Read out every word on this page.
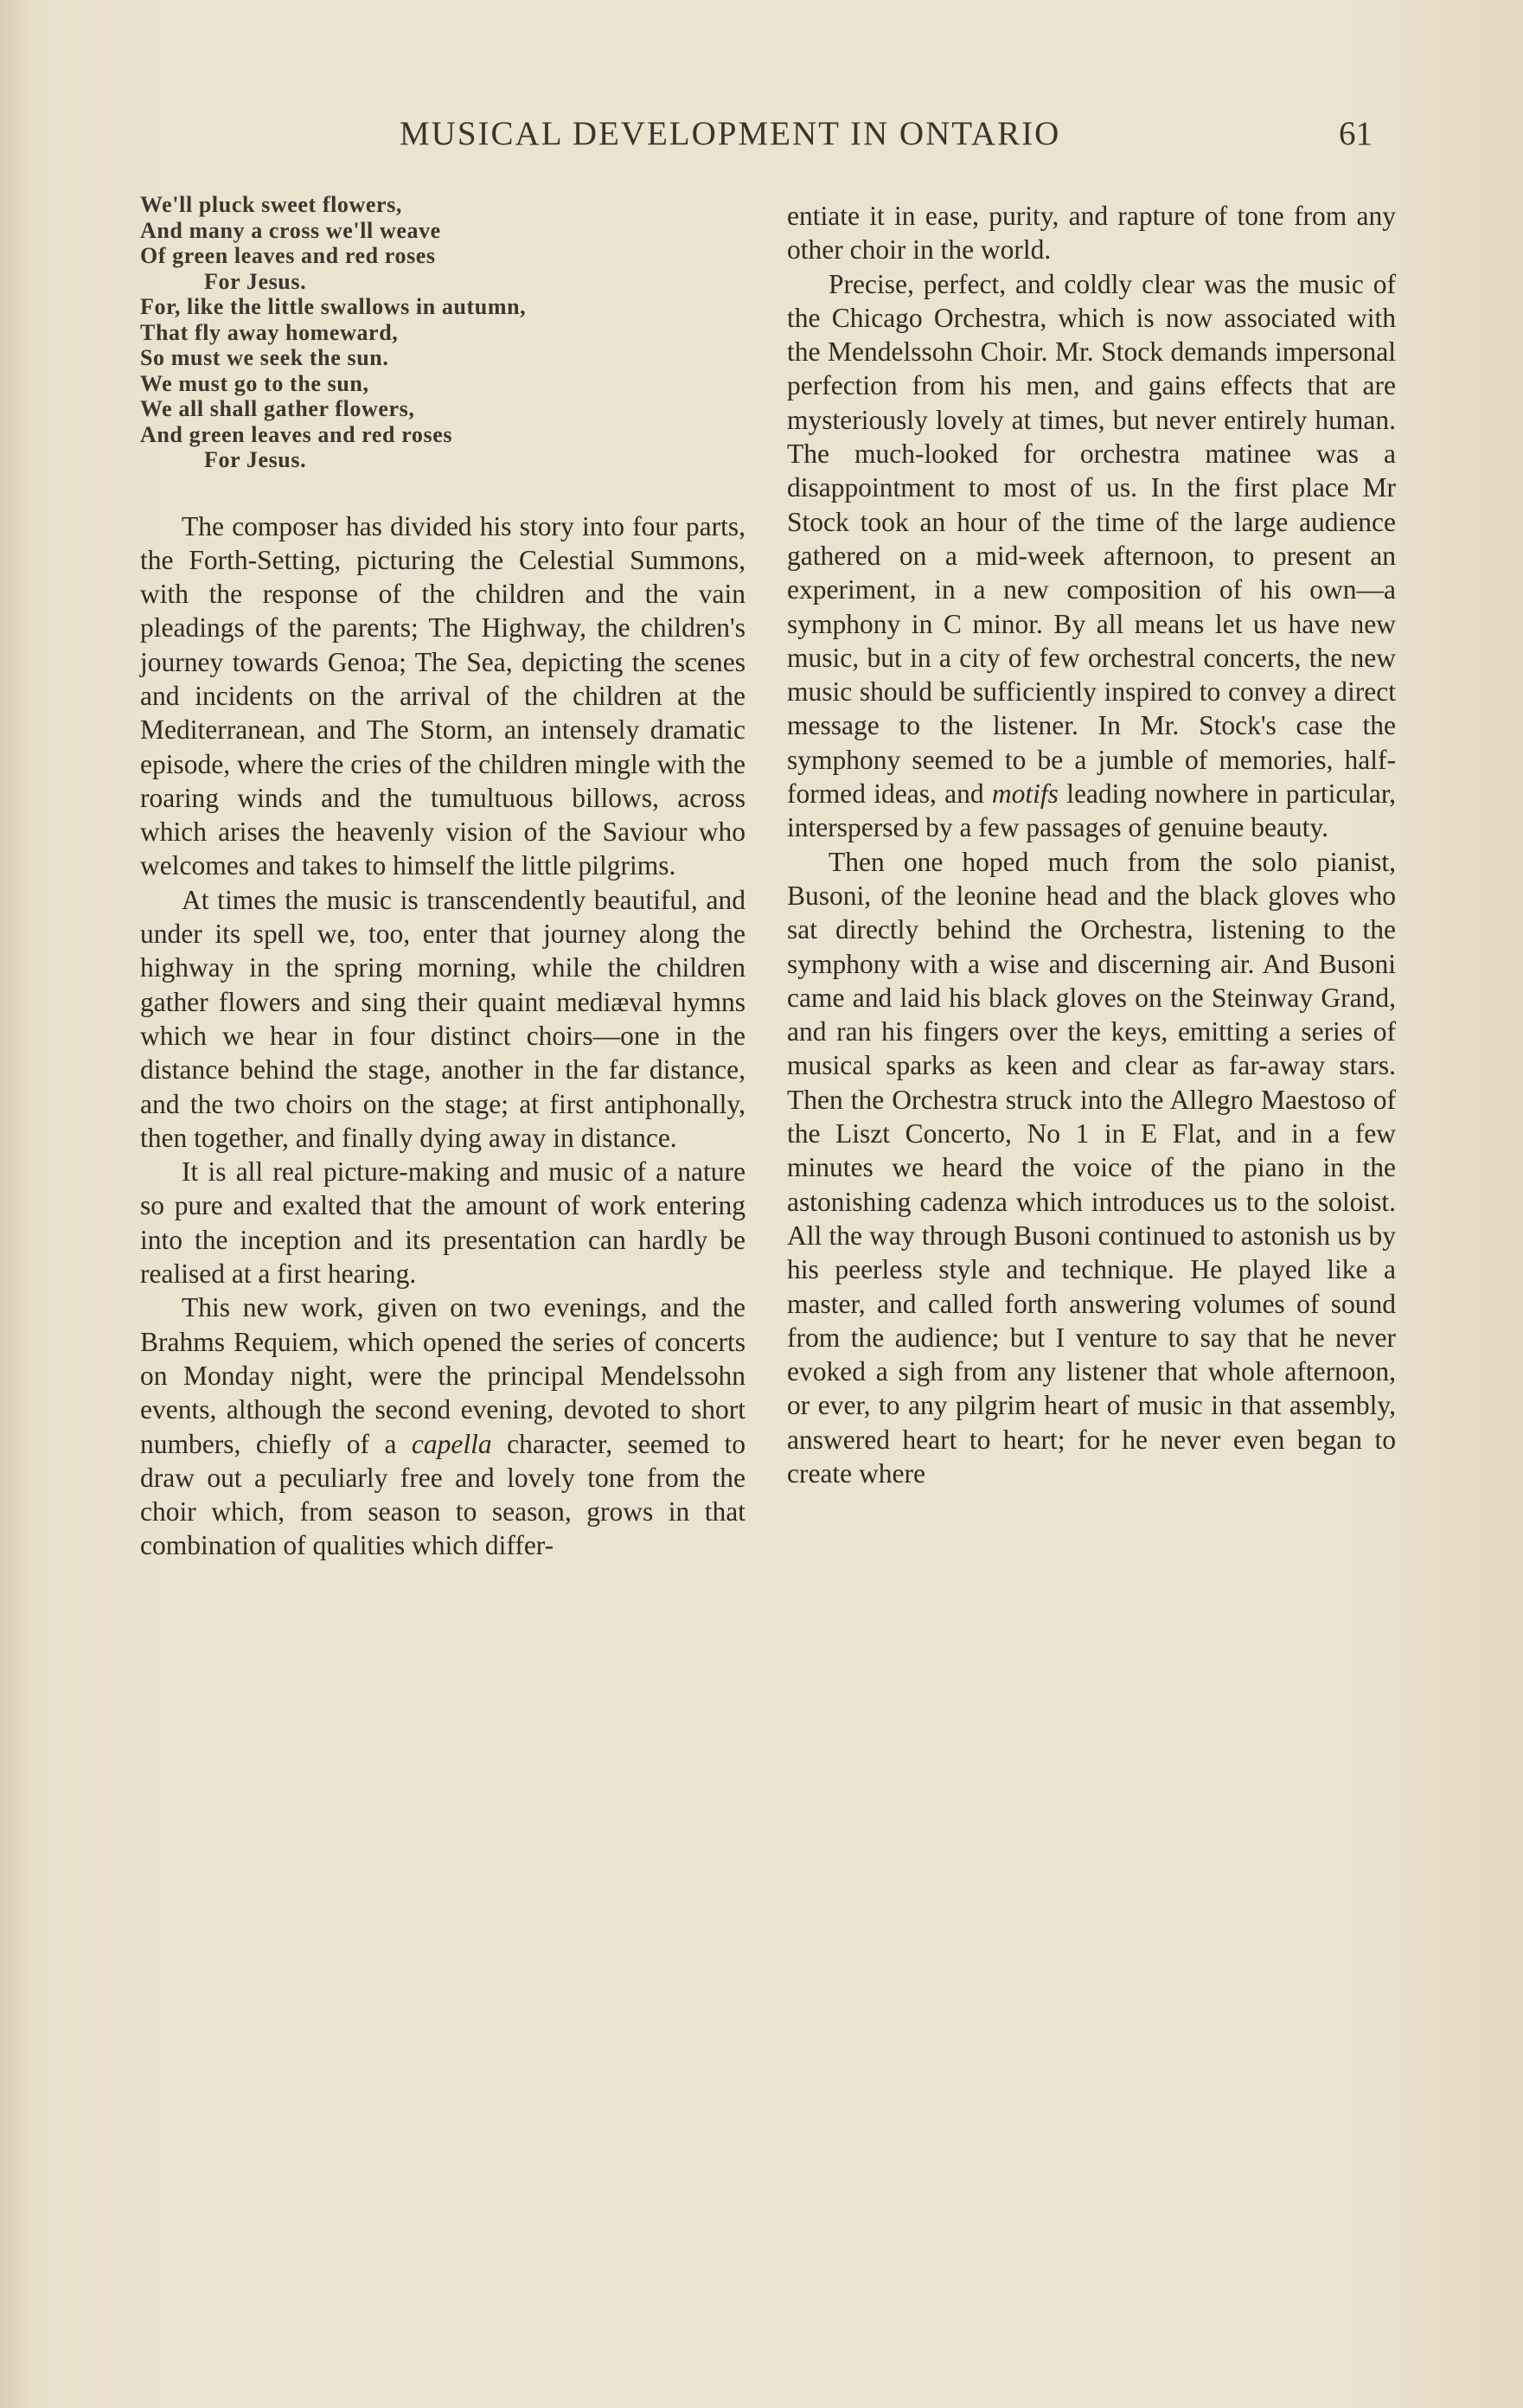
MUSICAL DEVELOPMENT IN ONTARIO	61
We'll pluck sweet flowers,
And many a cross we'll weave
Of green leaves and red roses
For Jesus.
For, like the little swallows in autumn,
That fly away homeward,
So must we seek the sun.
We must go to the sun,
We all shall gather flowers,
And green leaves and red roses
For Jesus.

The composer has divided his story into four parts, the Forth-Setting, picturing the Celestial Summons, with the response of the children and the vain pleadings of the parents; The Highway, the children's journey towards Genoa; The Sea, depicting the scenes and incidents on the arrival of the children at the Mediterranean, and The Storm, an intensely dramatic episode, where the cries of the children mingle with the roaring winds and the tumultuous billows, across which arises the heavenly vision of the Saviour who welcomes and takes to himself the little pilgrims.

At times the music is transcendently beautiful, and under its spell we, too, enter that journey along the highway in the spring morning, while the children gather flowers and sing their quaint mediæval hymns which we hear in four distinct choirs—one in the distance behind the stage, another in the far distance, and the two choirs on the stage; at first antiphonally, then together, and finally dying away in distance.

It is all real picture-making and music of a nature so pure and exalted that the amount of work entering into the inception and its presentation can hardly be realised at a first hearing.

This new work, given on two evenings, and the Brahms Requiem, which opened the series of concerts on Monday night, were the principal Mendelssohn events, although the second evening, devoted to short numbers, chiefly of a capella character, seemed to draw out a peculiarly free and lovely tone from the choir which, from season to season, grows in that combination of qualities which differ-

entiate it in ease, purity, and rapture of tone from any other choir in the world.

Precise, perfect, and coldly clear was the music of the Chicago Orchestra, which is now associated with the Mendelssohn Choir. Mr. Stock demands impersonal perfection from his men, and gains effects that are mysteriously lovely at times, but never entirely human. The much-looked for orchestra matinee was a disappointment to most of us. In the first place Mr Stock took an hour of the time of the large audience gathered on a mid-week afternoon, to present an experiment, in a new composition of his own—a symphony in C minor. By all means let us have new music, but in a city of few orchestral concerts, the new music should be sufficiently inspired to convey a direct message to the listener. In Mr. Stock's case the symphony seemed to be a jumble of memories, half-formed ideas, and motifs leading nowhere in particular, interspersed by a few passages of genuine beauty.

Then one hoped much from the solo pianist, Busoni, of the leonine head and the black gloves who sat directly behind the Orchestra, listening to the symphony with a wise and discerning air. And Busoni came and laid his black gloves on the Steinway Grand, and ran his fingers over the keys, emitting a series of musical sparks as keen and clear as far-away stars. Then the Orchestra struck into the Allegro Maestoso of the Liszt Concerto, No 1 in E Flat, and in a few minutes we heard the voice of the piano in the astonishing cadenza which introduces us to the soloist. All the way through Busoni continued to astonish us by his peerless style and technique. He played like a master, and called forth answering volumes of sound from the audience; but I venture to say that he never evoked a sigh from any listener that whole afternoon, or ever, to any pilgrim heart of music in that assembly, answered heart to heart; for he never even began to create where
